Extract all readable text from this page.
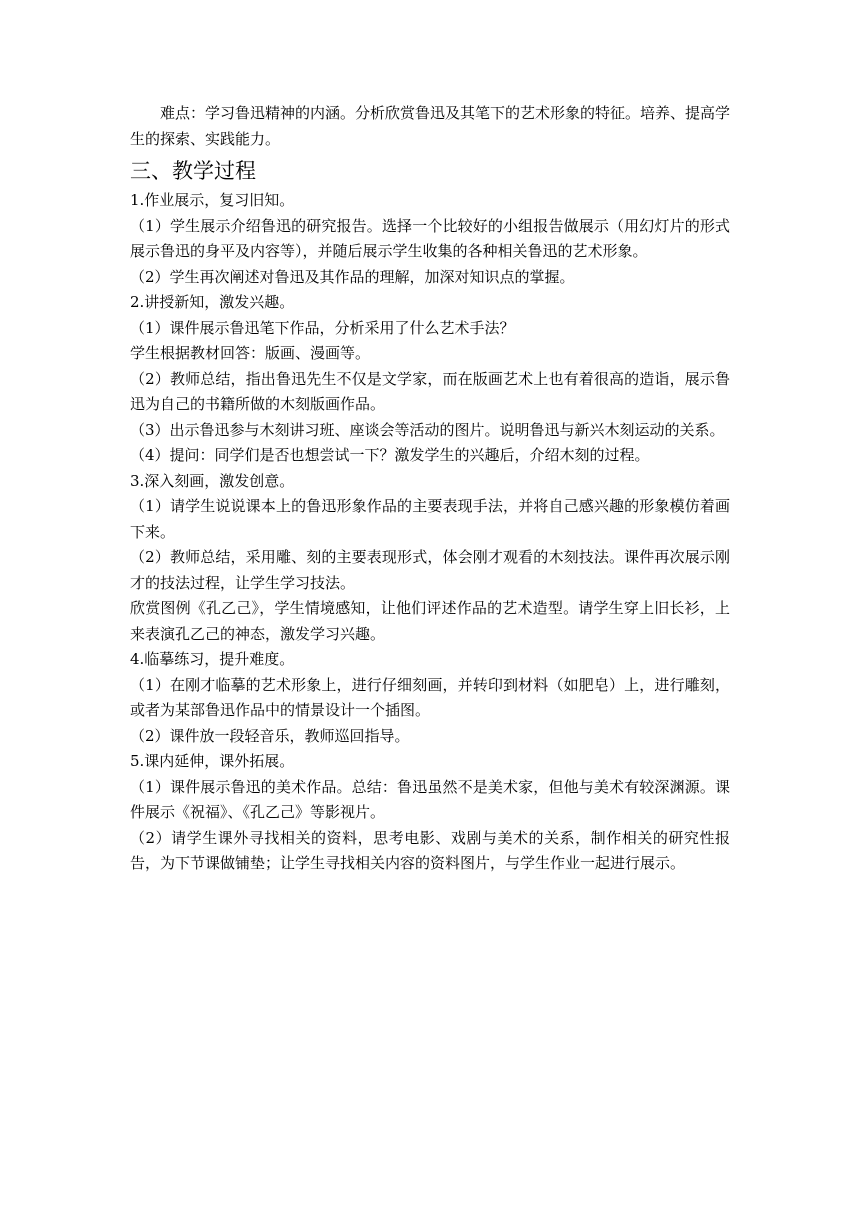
难点：学习鲁迅精神的内涵。分析欣赏鲁迅及其笔下的艺术形象的特征。培养、提高学生的探索、实践能力。

三、教学过程

1.作业展示，复习旧知。

（1）学生展示介绍鲁迅的研究报告。选择一个比较好的小组报告做展示（用幻灯片的形式展示鲁迅的身平及内容等），并随后展示学生收集的各种相关鲁迅的艺术形象。

（2）学生再次阐述对鲁迅及其作品的理解，加深对知识点的掌握。

2.讲授新知，激发兴趣。

（1）课件展示鲁迅笔下作品，分析采用了什么艺术手法？

学生根据教材回答：版画、漫画等。

（2）教师总结，指出鲁迅先生不仅是文学家，而在版画艺术上也有着很高的造诣，展示鲁迅为自己的书籍所做的木刻版画作品。

（3）出示鲁迅参与木刻讲习班、座谈会等活动的图片。说明鲁迅与新兴木刻运动的关系。

（4）提问：同学们是否也想尝试一下？激发学生的兴趣后，介绍木刻的过程。

3.深入刻画，激发创意。

（1）请学生说说课本上的鲁迅形象作品的主要表现手法，并将自己感兴趣的形象模仿着画下来。

（2）教师总结，采用雕、刻的主要表现形式，体会刚才观看的木刻技法。课件再次展示刚才的技法过程，让学生学习技法。

欣赏图例《孔乙己》，学生情境感知，让他们评述作品的艺术造型。请学生穿上旧长衫，上来表演孔乙己的神态，激发学习兴趣。

4.临摹练习，提升难度。

（1）在刚才临摹的艺术形象上，进行仔细刻画，并转印到材料（如肥皂）上，进行雕刻，或者为某部鲁迅作品中的情景设计一个插图。

（2）课件放一段轻音乐，教师巡回指导。

5.课内延伸，课外拓展。

（1）课件展示鲁迅的美术作品。总结：鲁迅虽然不是美术家，但他与美术有较深渊源。课件展示《祝福》、《孔乙己》等影视片。

（2）请学生课外寻找相关的资料，思考电影、戏剧与美术的关系，制作相关的研究性报告，为下节课做铺垫；让学生寻找相关内容的资料图片，与学生作业一起进行展示。
